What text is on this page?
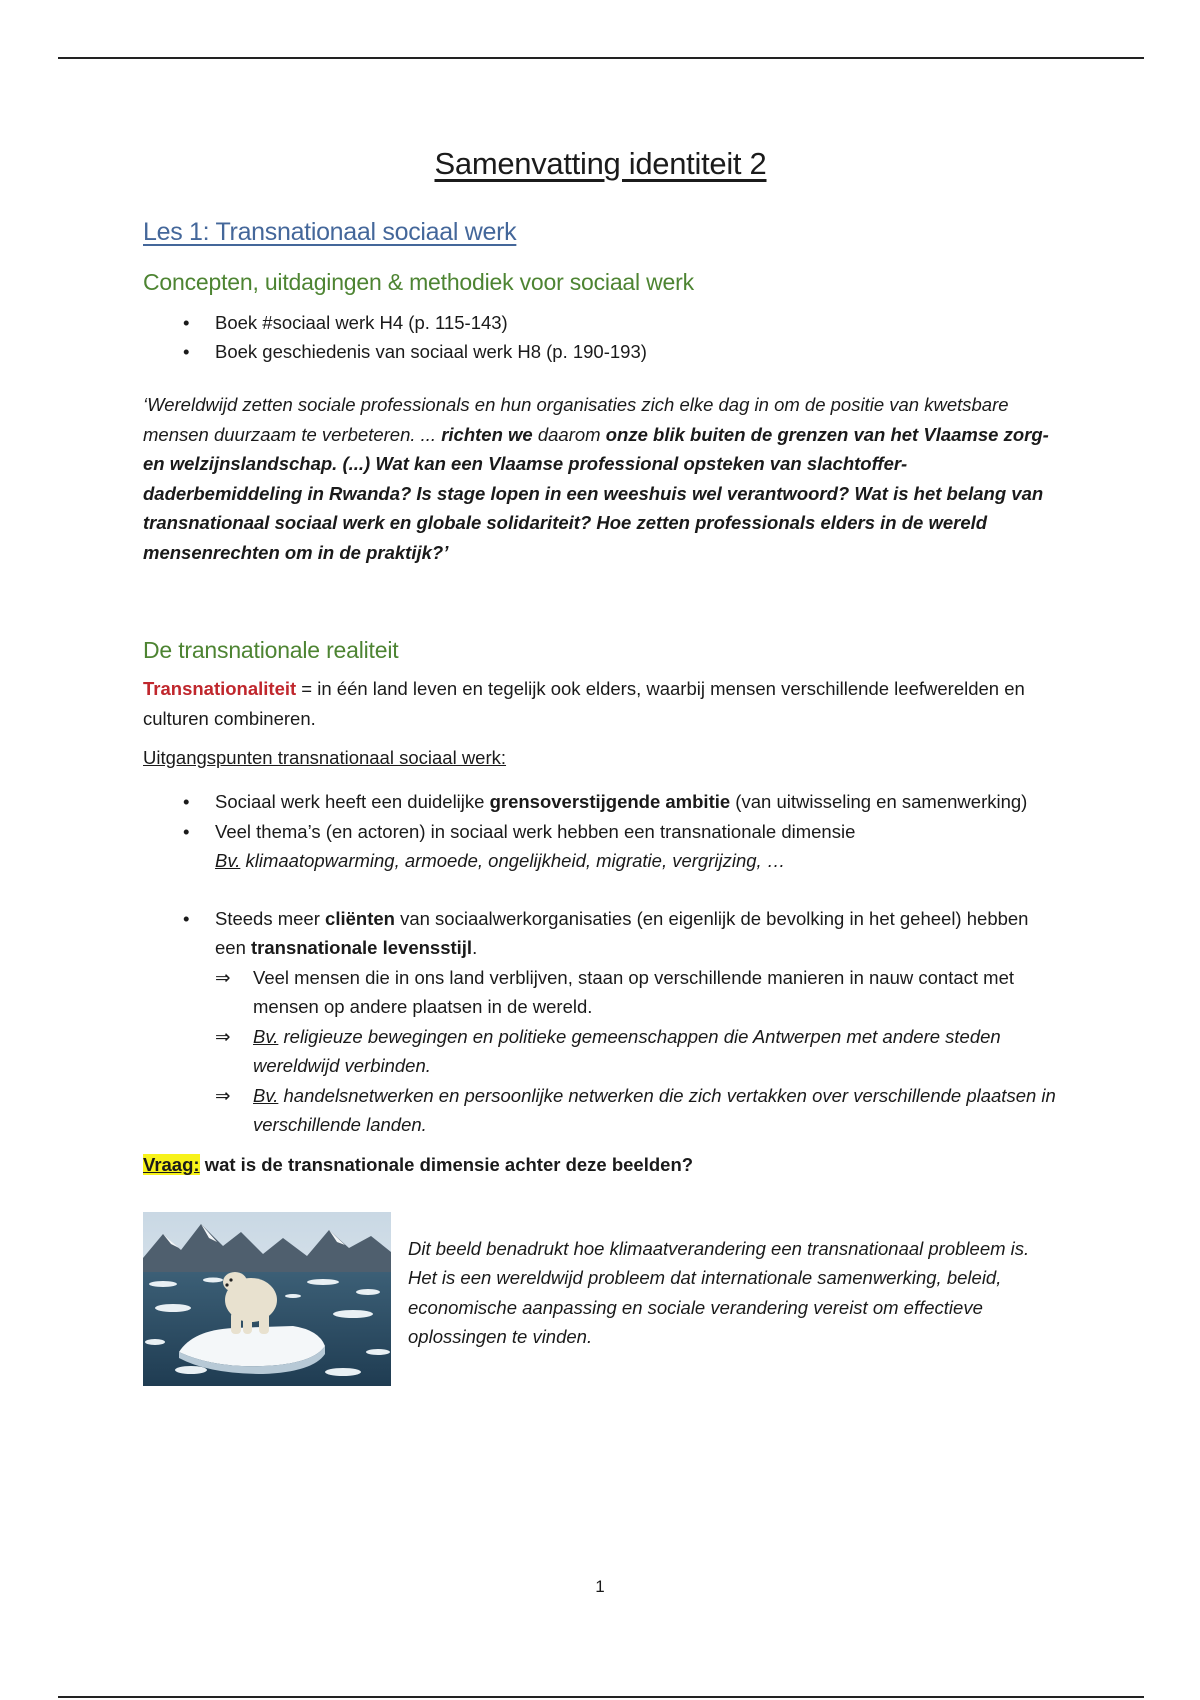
Samenvatting identiteit 2
Les 1: Transnationaal sociaal werk
Concepten, uitdagingen & methodiek voor sociaal werk
• Boek #sociaal werk H4 (p. 115-143)
• Boek geschiedenis van sociaal werk H8 (p. 190-193)
‘Wereldwijd zetten sociale professionals en hun organisaties zich elke dag in om de positie van kwetsbare mensen duurzaam te verbeteren. ... richten we daarom onze blik buiten de grenzen van het Vlaamse zorg- en welzijnslandschap. (...) Wat kan een Vlaamse professional opsteken van slachtoffer-daderbemiddeling in Rwanda? Is stage lopen in een weeshuis wel verantwoord? Wat is het belang van transnationaal sociaal werk en globale solidariteit? Hoe zetten professionals elders in de wereld mensenrechten om in de praktijk?’
De transnationale realiteit

Transnationaliteit = in één land leven en tegelijk ook elders, waarbij mensen verschillende leefwerelden en culturen combineren.

Uitgangspunten transnationaal sociaal werk:
• Sociaal werk heeft een duidelijke grensoverstijgende ambitie (van uitwisseling en samenwerking)
• Veel thema’s (en actoren) in sociaal werk hebben een transnationale dimensie
Bv. klimaatopwarming, armoede, ongelijkheid, migratie, vergrijzing, …
• Steeds meer cliënten van sociaalwerkorganisaties (en eigenlijk de bevolking in het geheel) hebben een transnationale levensstijl.
⇒ Veel mensen die in ons land verblijven, staan op verschillende manieren in nauw contact met mensen op andere plaatsen in de wereld.
⇒ Bv. religieuze bewegingen en politieke gemeenschappen die Antwerpen met andere steden wereldwijd verbinden.
⇒ Bv. handelsnetwerken en persoonlijke netwerken die zich vertakken over verschillende plaatsen in verschillende landen.
Vraag: wat is de transnationale dimensie achter deze beelden?
Dit beeld benadrukt hoe klimaatverandering een transnationaal probleem is. Het is een wereldwijd probleem dat internationale samenwerking, beleid, economische aanpassing en sociale verandering vereist om effectieve oplossingen te vinden.
1
